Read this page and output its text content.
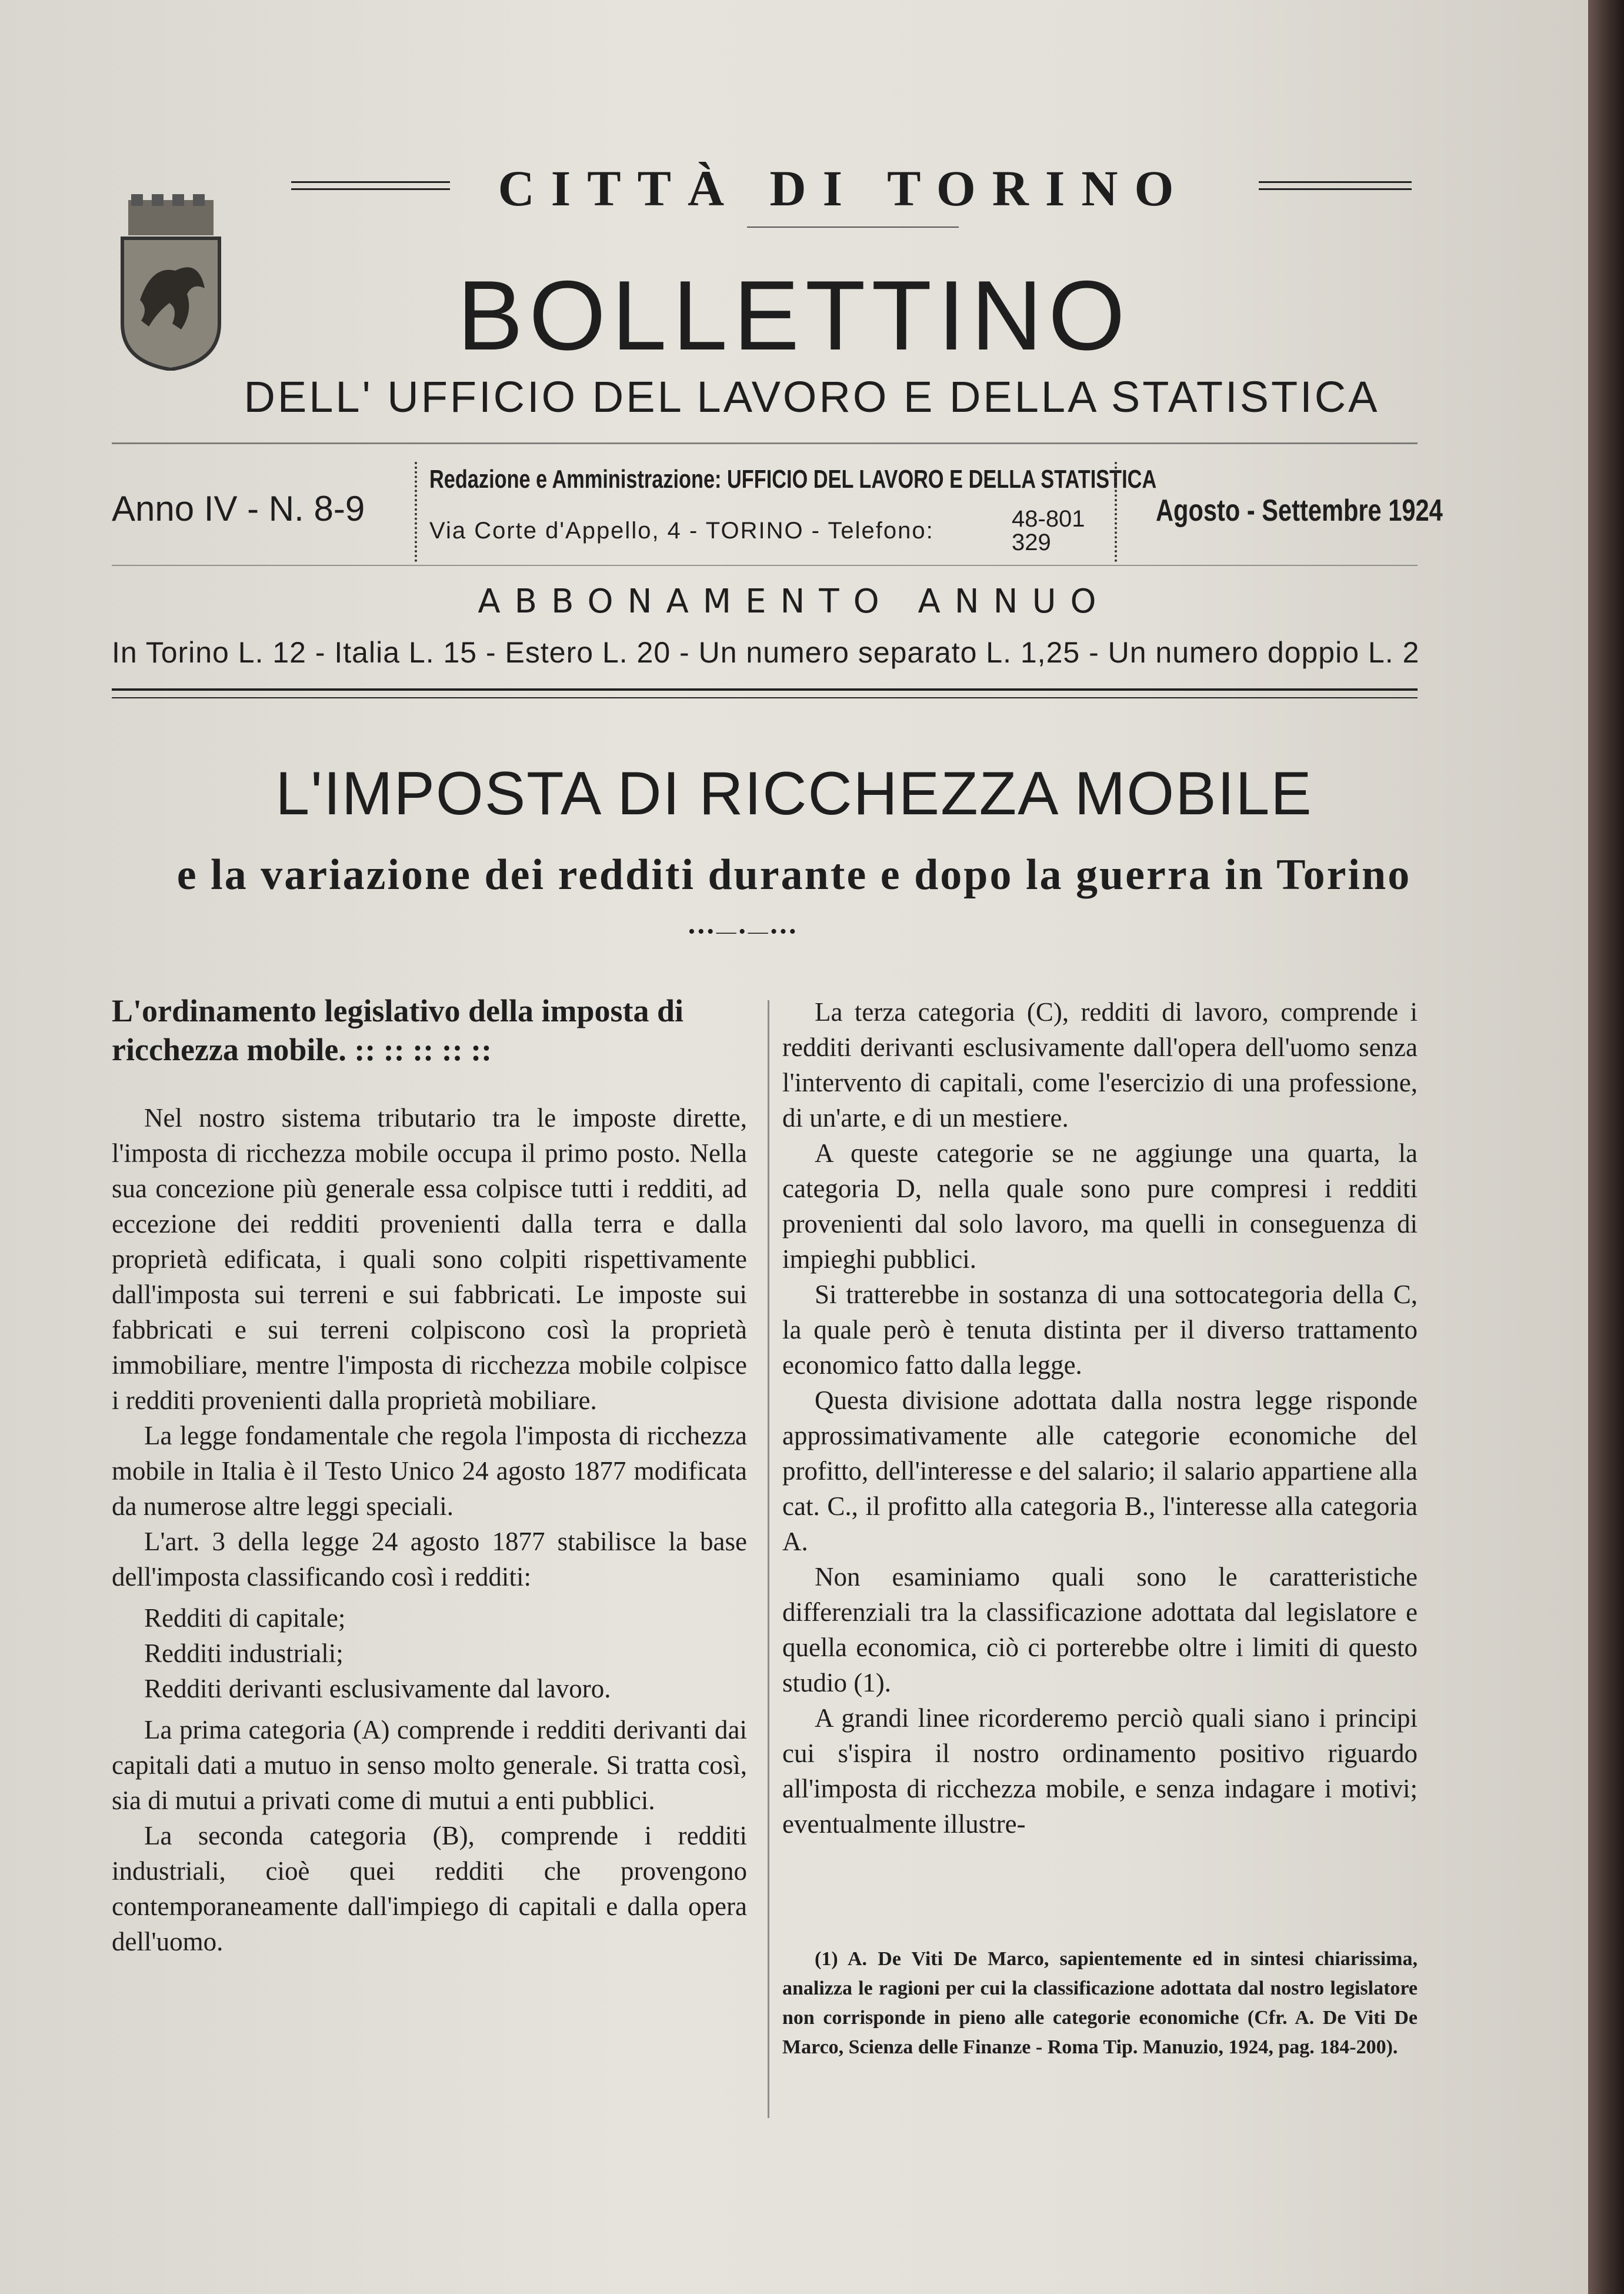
CITTÀ DI TORINO
BOLLETTINO
DELL' UFFICIO DEL LAVORO E DELLA STATISTICA
Anno IV - N. 8-9
Redazione e Amministrazione: UFFICIO DEL LAVORO E DELLA STATISTICA
Via Corte d'Appello, 4 - TORINO - Telefono:	48-801
329
Agosto - Settembre 1924
ABBONAMENTO ANNUO
In Torino L. 12 - Italia L. 15 - Estero L. 20 - Un numero separato L. 1,25 - Un numero doppio L. 2
L'IMPOSTA DI RICCHEZZA MOBILE
e la variazione dei redditi durante e dopo la guerra in Torino
•••—•—•••
L'ordinamento legislativo della imposta di ricchezza mobile. :: :: :: :: ::

Nel nostro sistema tributario tra le imposte dirette, l'imposta di ricchezza mobile occupa il primo posto. Nella sua concezione più generale essa colpisce tutti i redditi, ad eccezione dei redditi provenienti dalla terra e dalla proprietà edificata, i quali sono colpiti rispettivamente dall'imposta sui terreni e sui fabbricati. Le imposte sui fabbricati e sui terreni colpiscono così la proprietà immobiliare, mentre l'imposta di ricchezza mobile colpisce i redditi provenienti dalla proprietà mobiliare.

La legge fondamentale che regola l'imposta di ricchezza mobile in Italia è il Testo Unico 24 agosto 1877 modificata da numerose altre leggi speciali.

L'art. 3 della legge 24 agosto 1877 stabilisce la base dell'imposta classificando così i redditi:

Redditi di capitale;
Redditi industriali;
Redditi derivanti esclusivamente dal lavoro.

La prima categoria (A) comprende i redditi derivanti dai capitali dati a mutuo in senso molto generale. Si tratta così, sia di mutui a privati come di mutui a enti pubblici.

La seconda categoria (B), comprende i redditi industriali, cioè quei redditi che provengono contemporaneamente dall'impiego di capitali e dalla opera dell'uomo.

La terza categoria (C), redditi di lavoro, comprende i redditi derivanti esclusivamente dall'opera dell'uomo senza l'intervento di capitali, come l'esercizio di una professione, di un'arte, e di un mestiere.

A queste categorie se ne aggiunge una quarta, la categoria D, nella quale sono pure compresi i redditi provenienti dal solo lavoro, ma quelli in conseguenza di impieghi pubblici.

Si tratterebbe in sostanza di una sottocategoria della C, la quale però è tenuta distinta per il diverso trattamento economico fatto dalla legge.

Questa divisione adottata dalla nostra legge risponde approssimativamente alle categorie economiche del profitto, dell'interesse e del salario; il salario appartiene alla cat. C., il profitto alla categoria B., l'interesse alla categoria A.

Non esaminiamo quali sono le caratteristiche differenziali tra la classificazione adottata dal legislatore e quella economica, ciò ci porterebbe oltre i limiti di questo studio (1).

A grandi linee ricorderemo perciò quali siano i principi cui s'ispira il nostro ordinamento positivo riguardo all'imposta di ricchezza mobile, e senza indagare i motivi; eventualmente illustre-

(1) A. De Viti De Marco, sapientemente ed in sintesi chiarissima, analizza le ragioni per cui la classificazione adottata dal nostro legislatore non corrisponde in pieno alle categorie economiche (Cfr. A. De Viti De Marco, Scienza delle Finanze - Roma Tip. Manuzio, 1924, pag. 184-200).
